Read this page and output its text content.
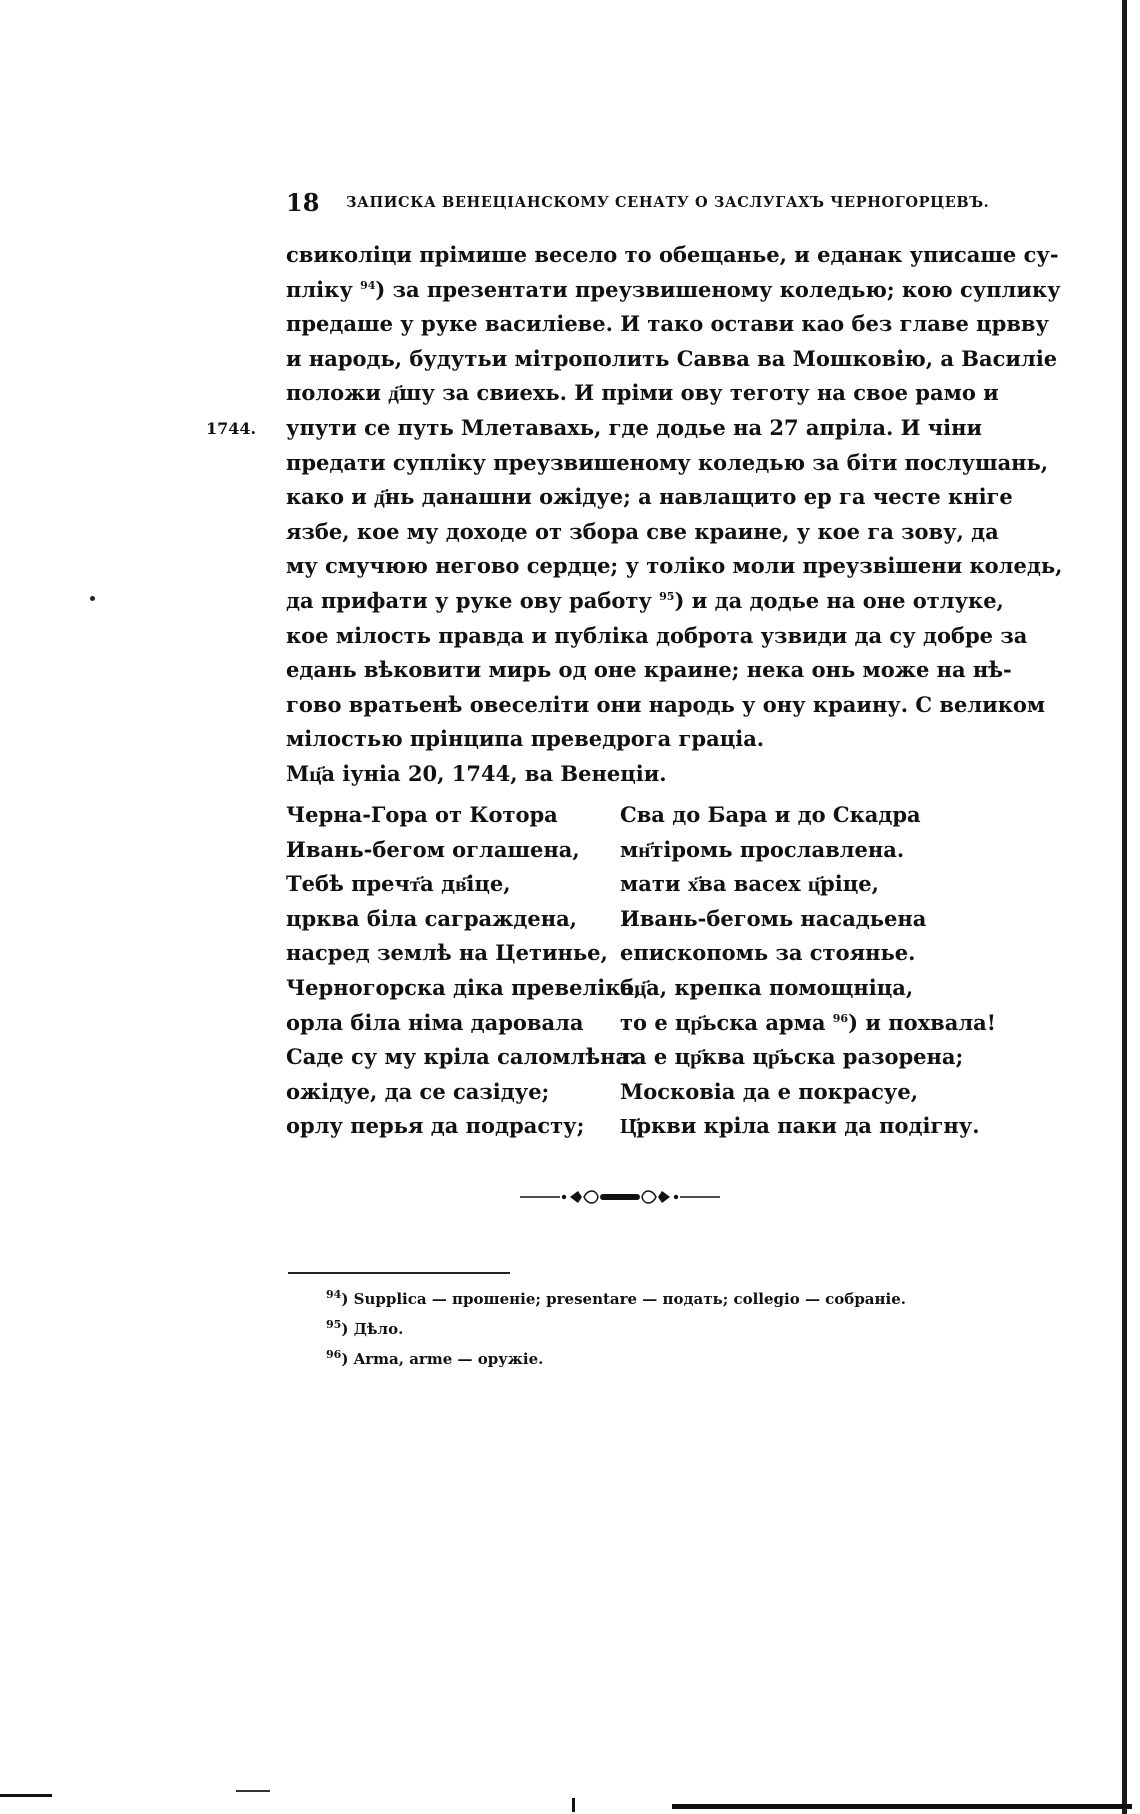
18 ЗАПИСКА ВЕНЕЦІАНСКОМУ СЕНАТУ О ЗАСЛУГАХЪ ЧЕРНОГОРЦЕВЪ.
1744.
свиколіци прімише весело то обещанье, и еданак уписаше су-
пліку $^{94}$) за презентати преузвишеному коледью; кою суплику
предаше у руке василіеве. И тако остави као без главе црвву
и народь, будутьи мітрополить Савва ва Мошковію, а Василіе
положи д҃шу за свиехь. И пріми ову теготу на свое рамо и
упути се путь Млетавахь, где додье на 27 апріла. И чіни
предати супліку преузвишеному коледью за біти послушань,
како и д҃нь данашни ожідуе; а навлащито ер га честе кніге
язбе, кое му доходе от збора све краине, у кое га зову, да
му смучюю негово сердце; у толіко моли преузвішени коледь,
да прифати у руке ову работу $^{95}$) и да додье на оне отлуке,
кое мілость правда и публіка доброта узвиди да су добре за
едань вѣковити мирь од оне краине; нека онь може на нѣ-
гово вратьенѣ овеселіти они народь у ону краину. С великом
мілостью прінципа преведрога граціа.
Мц҃а іуніа 20, 1744, ва Венеціи.
Черна-Гора от Котора
Ивань-бегом оглашена,
Тебѣ пречт҃а дв҃іце,
црква біла саграждена,
насред землѣ на Цетинье,
Черногорска діка превеліка,
орла біла німа даровала
Саде су му кріла саломлѣна:
ожідуе, да се сазідуе;
орлу перья да подрасту;
Сва до Бара и до Скадра
мн҃тіромь прославлена.
мати х҃ва васех ц҃ріце,
Ивань-бегомь насадьена
епископомь за стоянье.
бц҃а, крепка помощніца,
то е цр҃ьска арма $^{96}$) и похвала!
та е цр҃ква цр҃ьска разорена;
Московіа да е покрасуе,
Ц҃ркви кріла паки да подігну.
$^{94}$) Supplica — прошеніе; presentare — подать; collegio — собраніе.
$^{95}$) Дѣло.
$^{96}$) Arma, arme — оружіе.
